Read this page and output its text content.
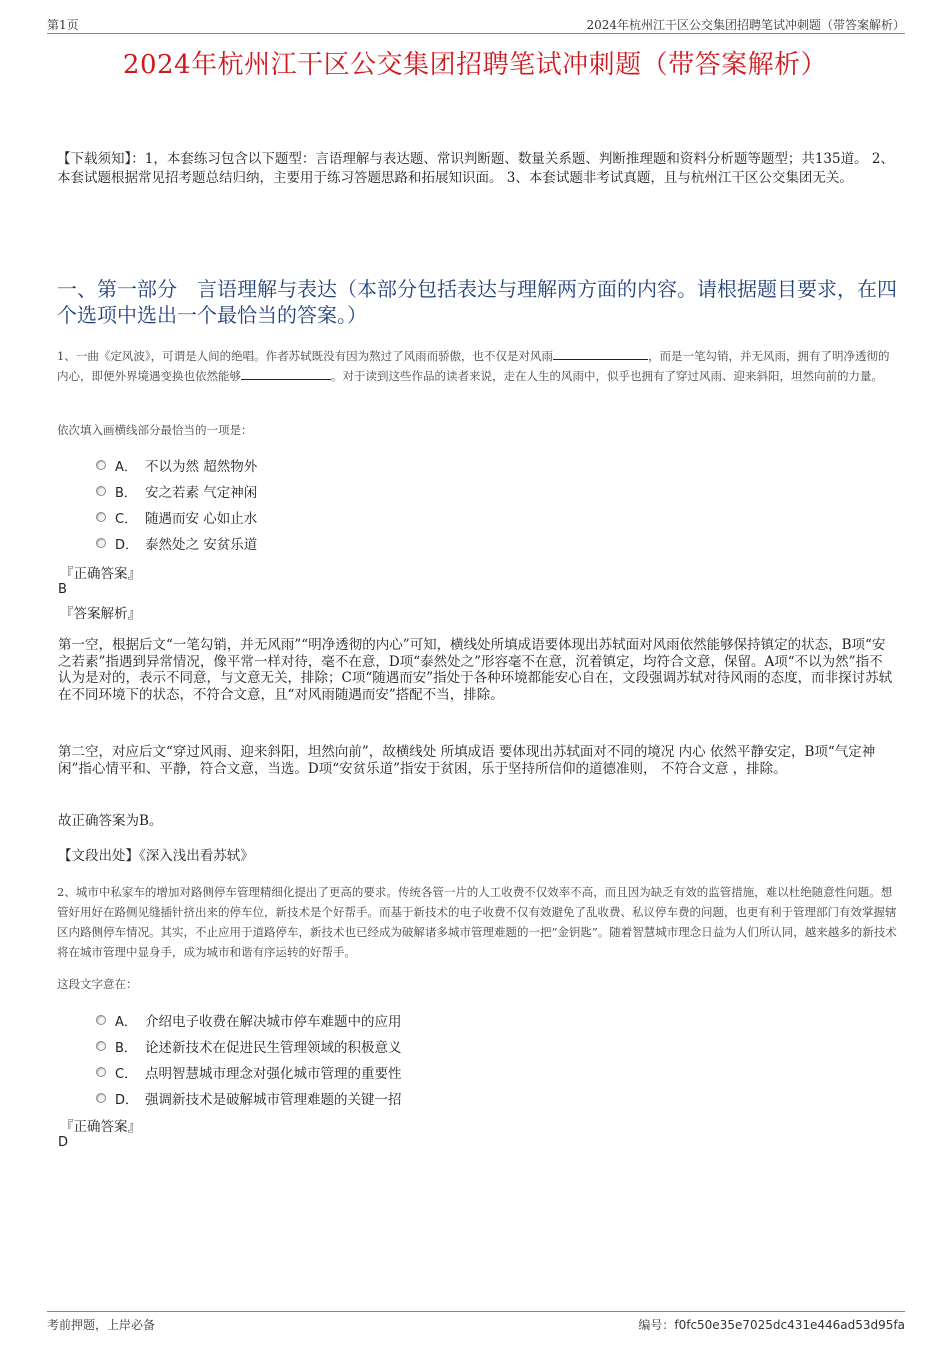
第1页	2024年杭州江干区公交集团招聘笔试冲刺题（带答案解析）
2024年杭州江干区公交集团招聘笔试冲刺题（带答案解析）
【下载须知】：1，本套练习包含以下题型：言语理解与表达题、常识判断题、数量关系题、判断推理题和资料分析题等题型；共135道。 2、本套试题根据常见招考题总结归纳，主要用于练习答题思路和拓展知识面。 3、本套试题非考试真题，且与杭州江干区公交集团无关。
一、第一部分　言语理解与表达（本部分包括表达与理解两方面的内容。请根据题目要求，在四个选项中选出一个最恰当的答案。）
1、一曲《定风波》，可谓是人间的绝唱。作者苏轼既没有因为熬过了风雨而骄傲，也不仅是对风雨	，而是一笔勾销，并无风雨，拥有了明净透彻的内心，即便外界境遇变换也依然能够	。对于读到这些作品的读者来说，走在人生的风雨中，似乎也拥有了穿过风雨、迎来斜阳，坦然向前的力量。
依次填入画横线部分最恰当的一项是：
A． 不以为然 超然物外
B． 安之若素 气定神闲
C． 随遇而安 心如止水
D． 泰然处之 安贫乐道
『正确答案』
B
『答案解析』
第一空，根据后文“一笔勾销，并无风雨”“明净透彻的内心”可知，横线处所填成语要体现出苏轼面对风雨依然能够保持镇定的状态，B项“安之若素”指遇到异常情况，像平常一样对待，毫不在意，D项“泰然处之”形容毫不在意，沉着镇定，均符合文意，保留。A项“不以为然”指不认为是对的，表示不同意，与文意无关，排除；C项“随遇而安”指处于各种环境都能安心自在，文段强调苏轼对待风雨的态度，而非探讨苏轼在不同环境下的状态，不符合文意，且“对风雨随遇而安”搭配不当，排除。
第二空，对应后文“穿过风雨、迎来斜阳，坦然向前”，故横线处 所填成语 要体现出苏轼面对不同的境况 内心 依然平静安定，B项“气定神闲”指心情平和、平静，符合文意，当选。D项“安贫乐道”指安于贫困，乐于坚持所信仰的道德准则， 不符合文意 ，排除。
故正确答案为B。
【文段出处】《深入浅出看苏轼》
2、城市中私家车的增加对路侧停车管理精细化提出了更高的要求。传统各管一片的人工收费不仅效率不高，而且因为缺乏有效的监管措施，难以杜绝随意性问题。想管好用好在路侧见缝插针挤出来的停车位，新技术是个好帮手。而基于新技术的电子收费不仅有效避免了乱收费、私议停车费的问题，也更有利于管理部门有效掌握辖区内路侧停车情况。其实，不止应用于道路停车，新技术也已经成为破解诸多城市管理难题的一把“金钥匙”。随着智慧城市理念日益为人们所认同，越来越多的新技术将在城市管理中显身手，成为城市和谐有序运转的好帮手。
这段文字意在：
A． 介绍电子收费在解决城市停车难题中的应用
B． 论述新技术在促进民生管理领域的积极意义
C． 点明智慧城市理念对强化城市管理的重要性
D． 强调新技术是破解城市管理难题的关键一招
『正确答案』
D
考前押题，上岸必备	编号：f0fc50e35e7025dc431e446ad53d95fa
